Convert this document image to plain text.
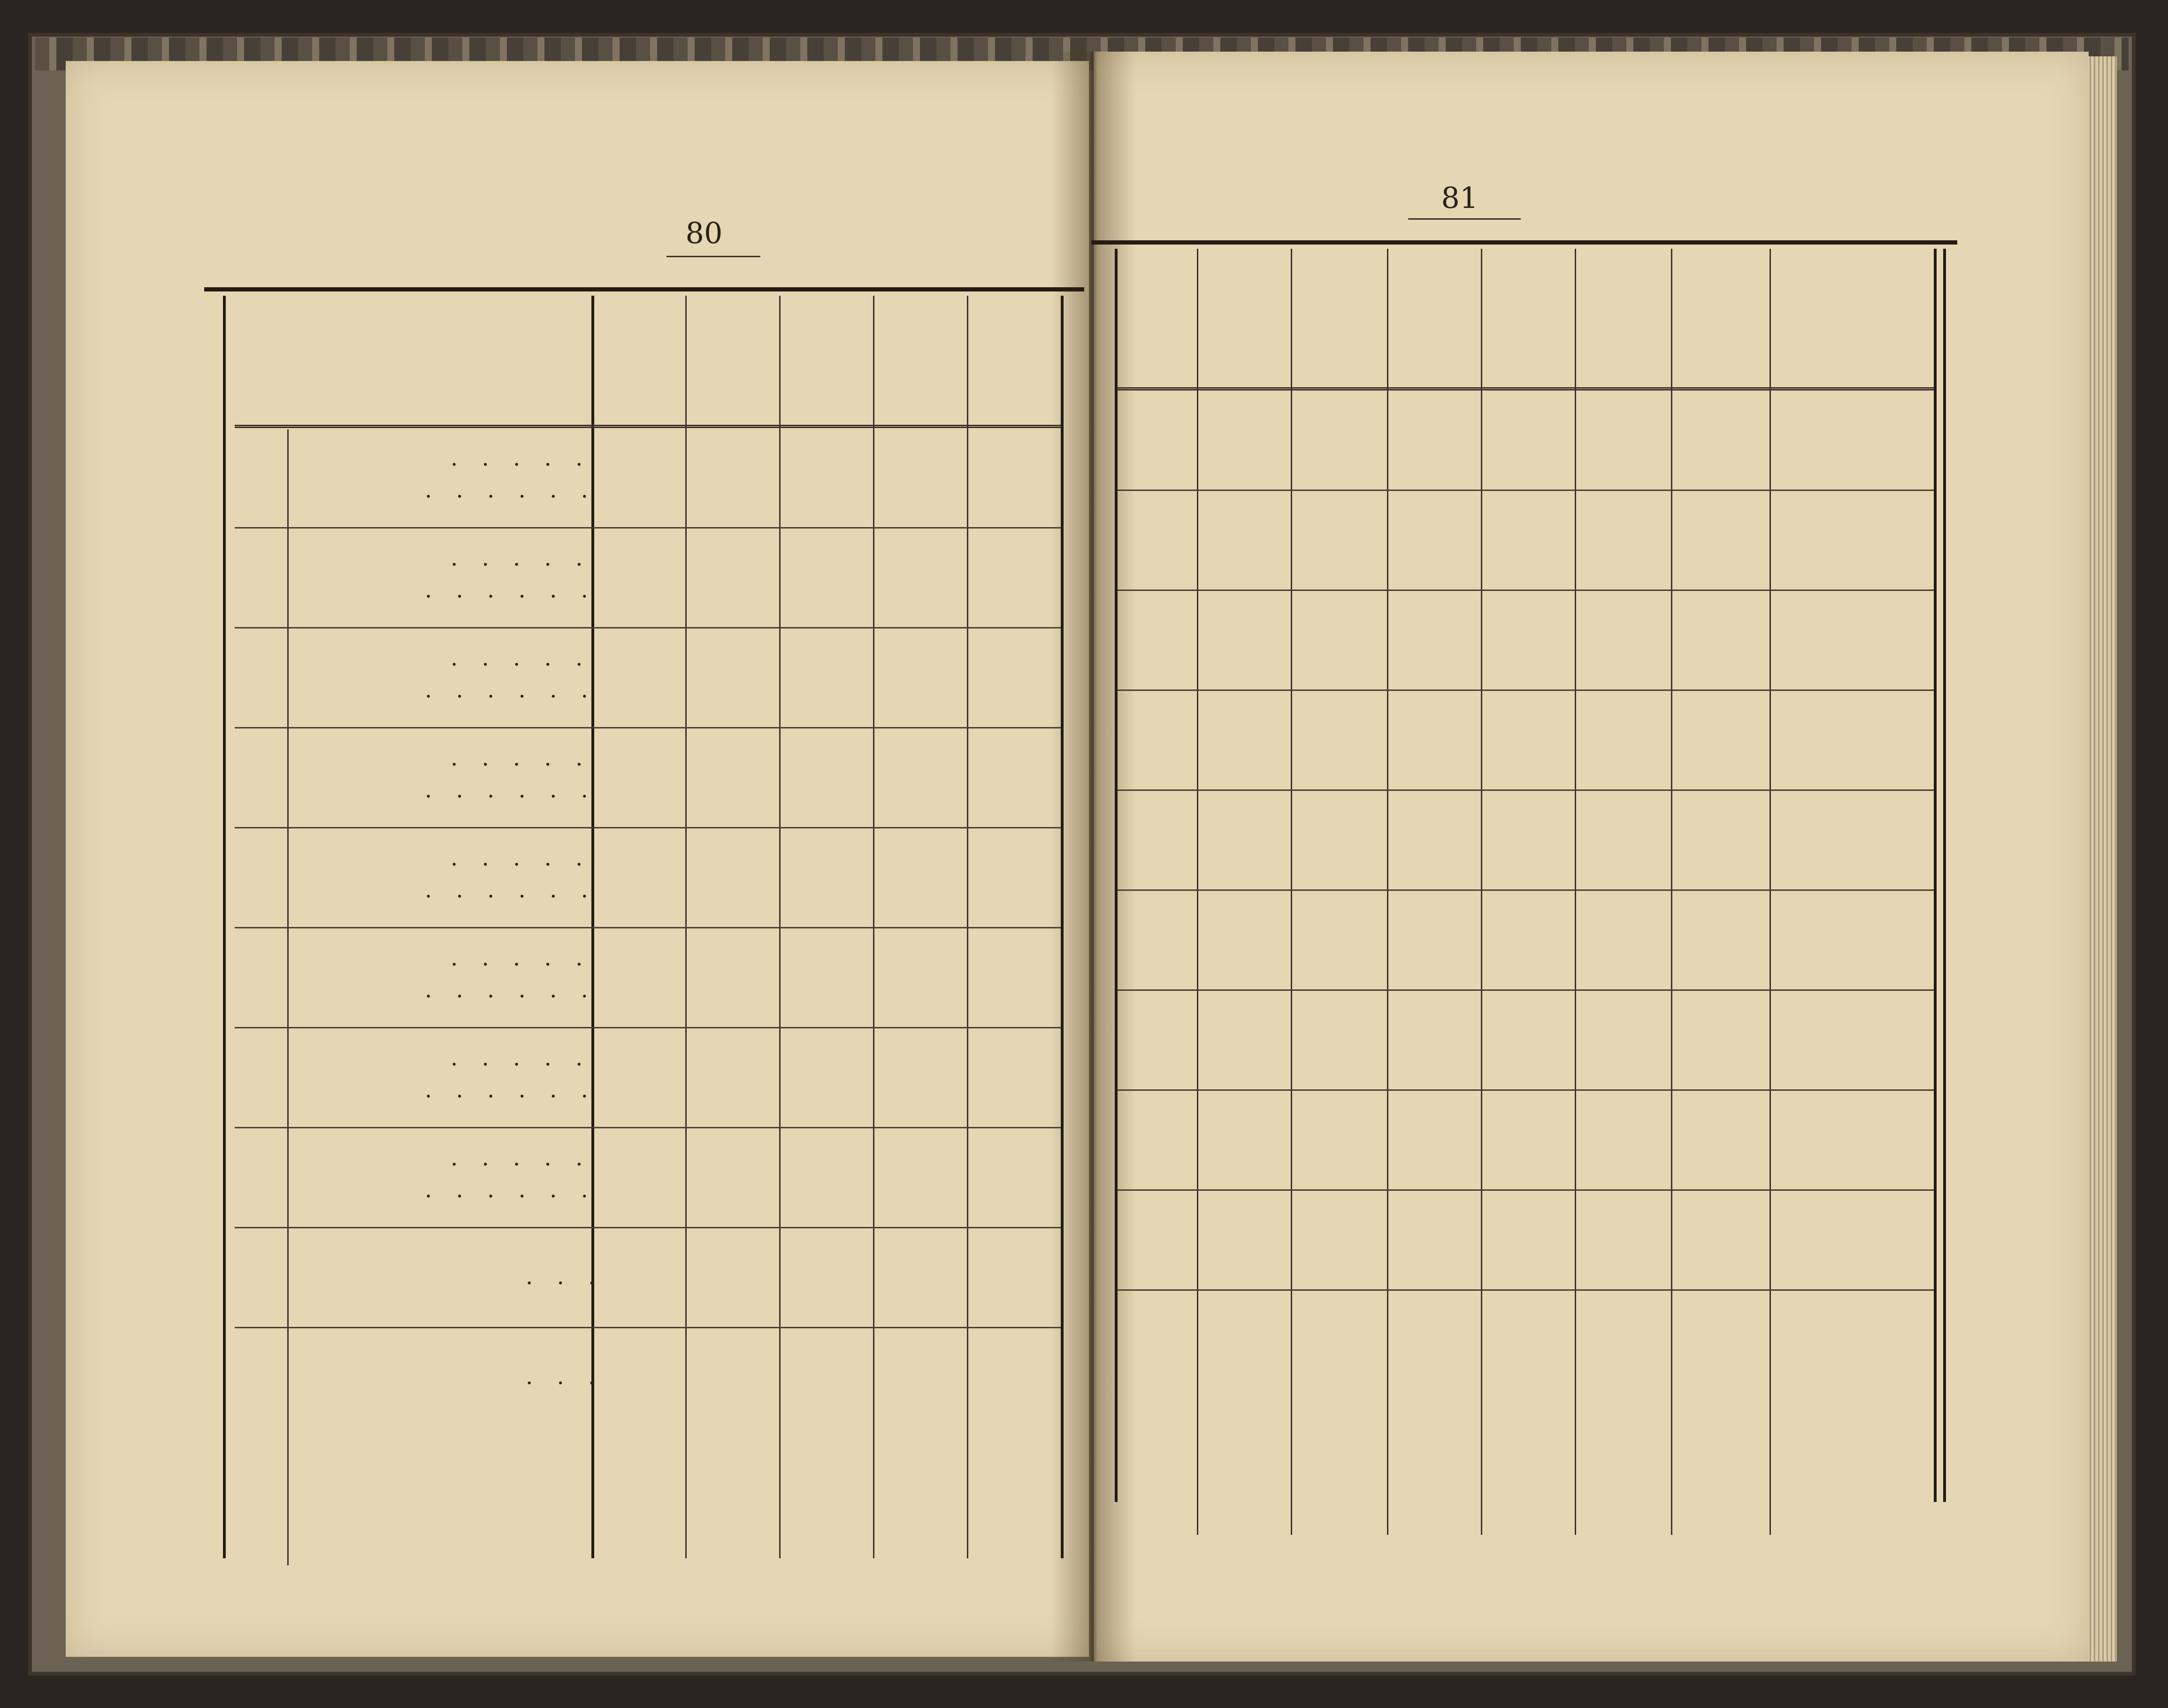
80
81
. . . . .
. . . . . .
. . . . .
. . . . . .
. . . . .
. . . . . .
. . . . .
. . . . . .
. . . . .
. . . . . .
. . . . .
. . . . . .
. . . . .
. . . . . .
. . . . .
. . . . . .
. . .
. . .
